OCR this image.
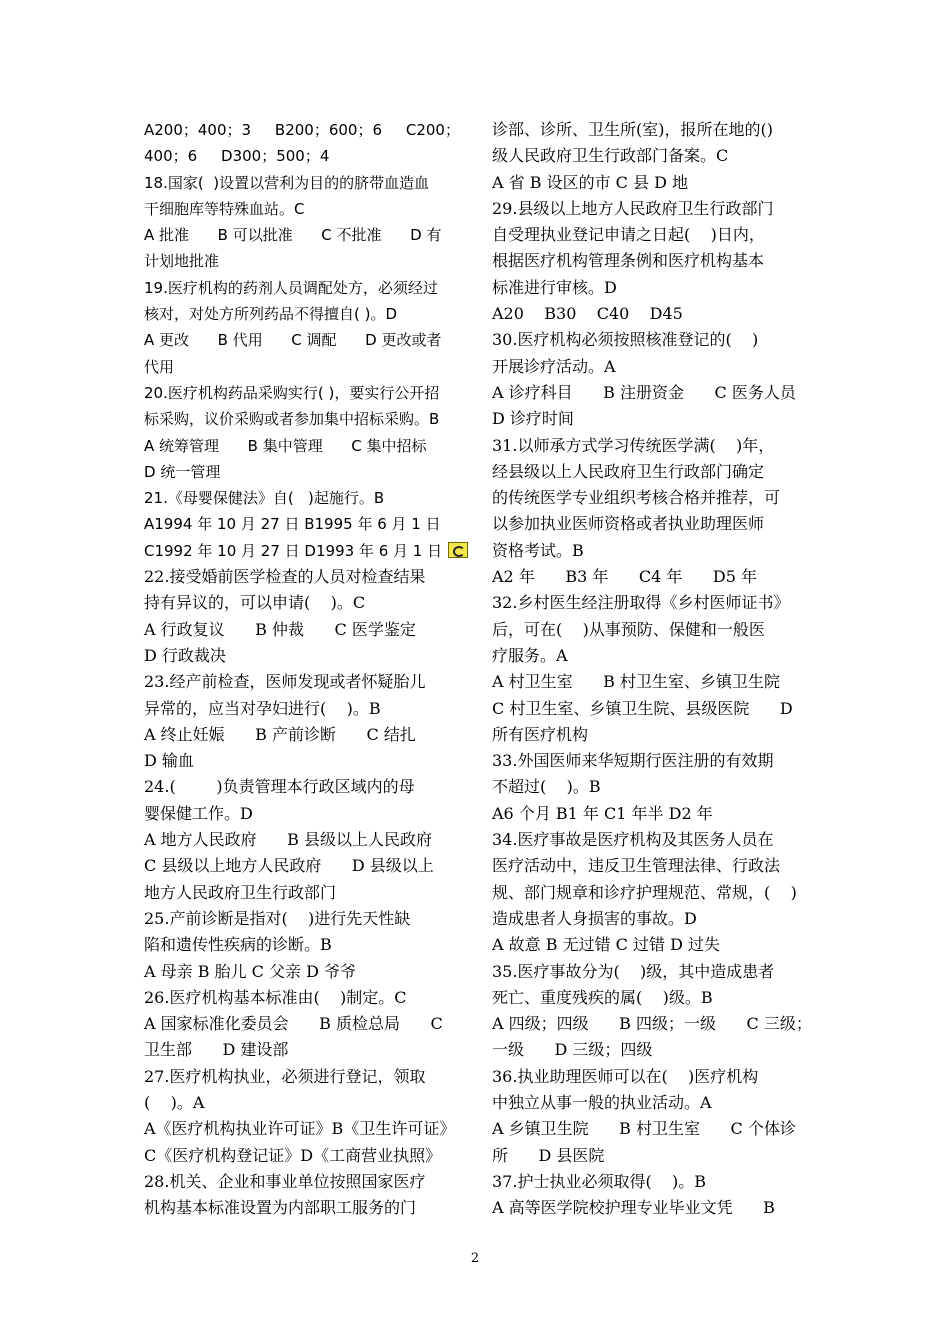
A200；400；3     B200；600；6     C200；
400；6     D300；500；4
18.国家(  )设置以营利为目的的脐带血造血
干细胞库等特殊血站。C
A 批准      B 可以批准      C 不批准      D 有
计划地批准
19.医疗机构的药剂人员调配处方，必须经过
核对，对处方所列药品不得擅自( )。D
A 更改      B 代用      C 调配      D 更改或者
代用
20.医疗机构药品采购实行( )，要实行公开招
标采购，议价采购或者参加集中招标采购。B
A 统筹管理      B 集中管理      C 集中招标
D 统一管理
21.《母婴保健法》自(   )起施行。B
A1994 年 10 月 27 日 B1995 年 6 月 1 日
C1992 年 10 月 27 日 D1993 年 6 月 1 日
22.接受婚前医学检查的人员对检查结果
持有异议的，可以申请(    )。C
A 行政复议      B 仲裁      C 医学鉴定
D 行政裁决
23.经产前检查，医师发现或者怀疑胎儿
异常的，应当对孕妇进行(    )。B
A 终止妊娠      B 产前诊断      C 结扎
D 输血
24.(        )负责管理本行政区域内的母
婴保健工作。D
A 地方人民政府      B 县级以上人民政府
C 县级以上地方人民政府      D 县级以上
地方人民政府卫生行政部门
25.产前诊断是指对(    )进行先天性缺
陷和遗传性疾病的诊断。B
A 母亲 B 胎儿 C 父亲 D 爷爷
26.医疗机构基本标准由(    )制定。C
A 国家标准化委员会      B 质检总局      C
卫生部      D 建设部
27.医疗机构执业，必须进行登记，领取
(    )。A
A《医疗机构执业许可证》B《卫生许可证》
C《医疗机构登记证》D《工商营业执照》
28.机关、企业和事业单位按照国家医疗
机构基本标准设置为内部职工服务的门
诊部、诊所、卫生所(室)，报所在地的()
级人民政府卫生行政部门备案。C
A 省 B 设区的市 C 县 D 地
29.县级以上地方人民政府卫生行政部门
自受理执业登记申请之日起(    )日内，
根据医疗机构管理条例和医疗机构基本
标准进行审核。D
A20    B30    C40    D45
30.医疗机构必须按照核准登记的(    )
开展诊疗活动。A
A 诊疗科目      B 注册资金      C 医务人员
D 诊疗时间
31.以师承方式学习传统医学满(    )年，
经县级以上人民政府卫生行政部门确定
的传统医学专业组织考核合格并推荐，可
以参加执业医师资格或者执业助理医师
资格考试。B
A2 年      B3 年      C4 年      D5 年
32.乡村医生经注册取得《乡村医师证书》
后，可在(    )从事预防、保健和一般医
疗服务。A
A 村卫生室      B 村卫生室、乡镇卫生院
C 村卫生室、乡镇卫生院、县级医院      D
所有医疗机构
33.外国医师来华短期行医注册的有效期
不超过(    )。B
A6 个月 B1 年 C1 年半 D2 年
34.医疗事故是医疗机构及其医务人员在
医疗活动中，违反卫生管理法律、行政法
规、部门规章和诊疗护理规范、常规，(    )
造成患者人身损害的事故。D
A 故意 B 无过错 C 过错 D 过失
35.医疗事故分为(    )级，其中造成患者
死亡、重度残疾的属(    )级。B
A 四级；四级      B 四级；一级      C 三级；
一级      D 三级；四级
36.执业助理医师可以在(    )医疗机构
中独立从事一般的执业活动。A
A 乡镇卫生院      B 村卫生室      C 个体诊
所      D 县医院
37.护士执业必须取得(    )。B
A 高等医学院校护理专业毕业文凭      B
2
